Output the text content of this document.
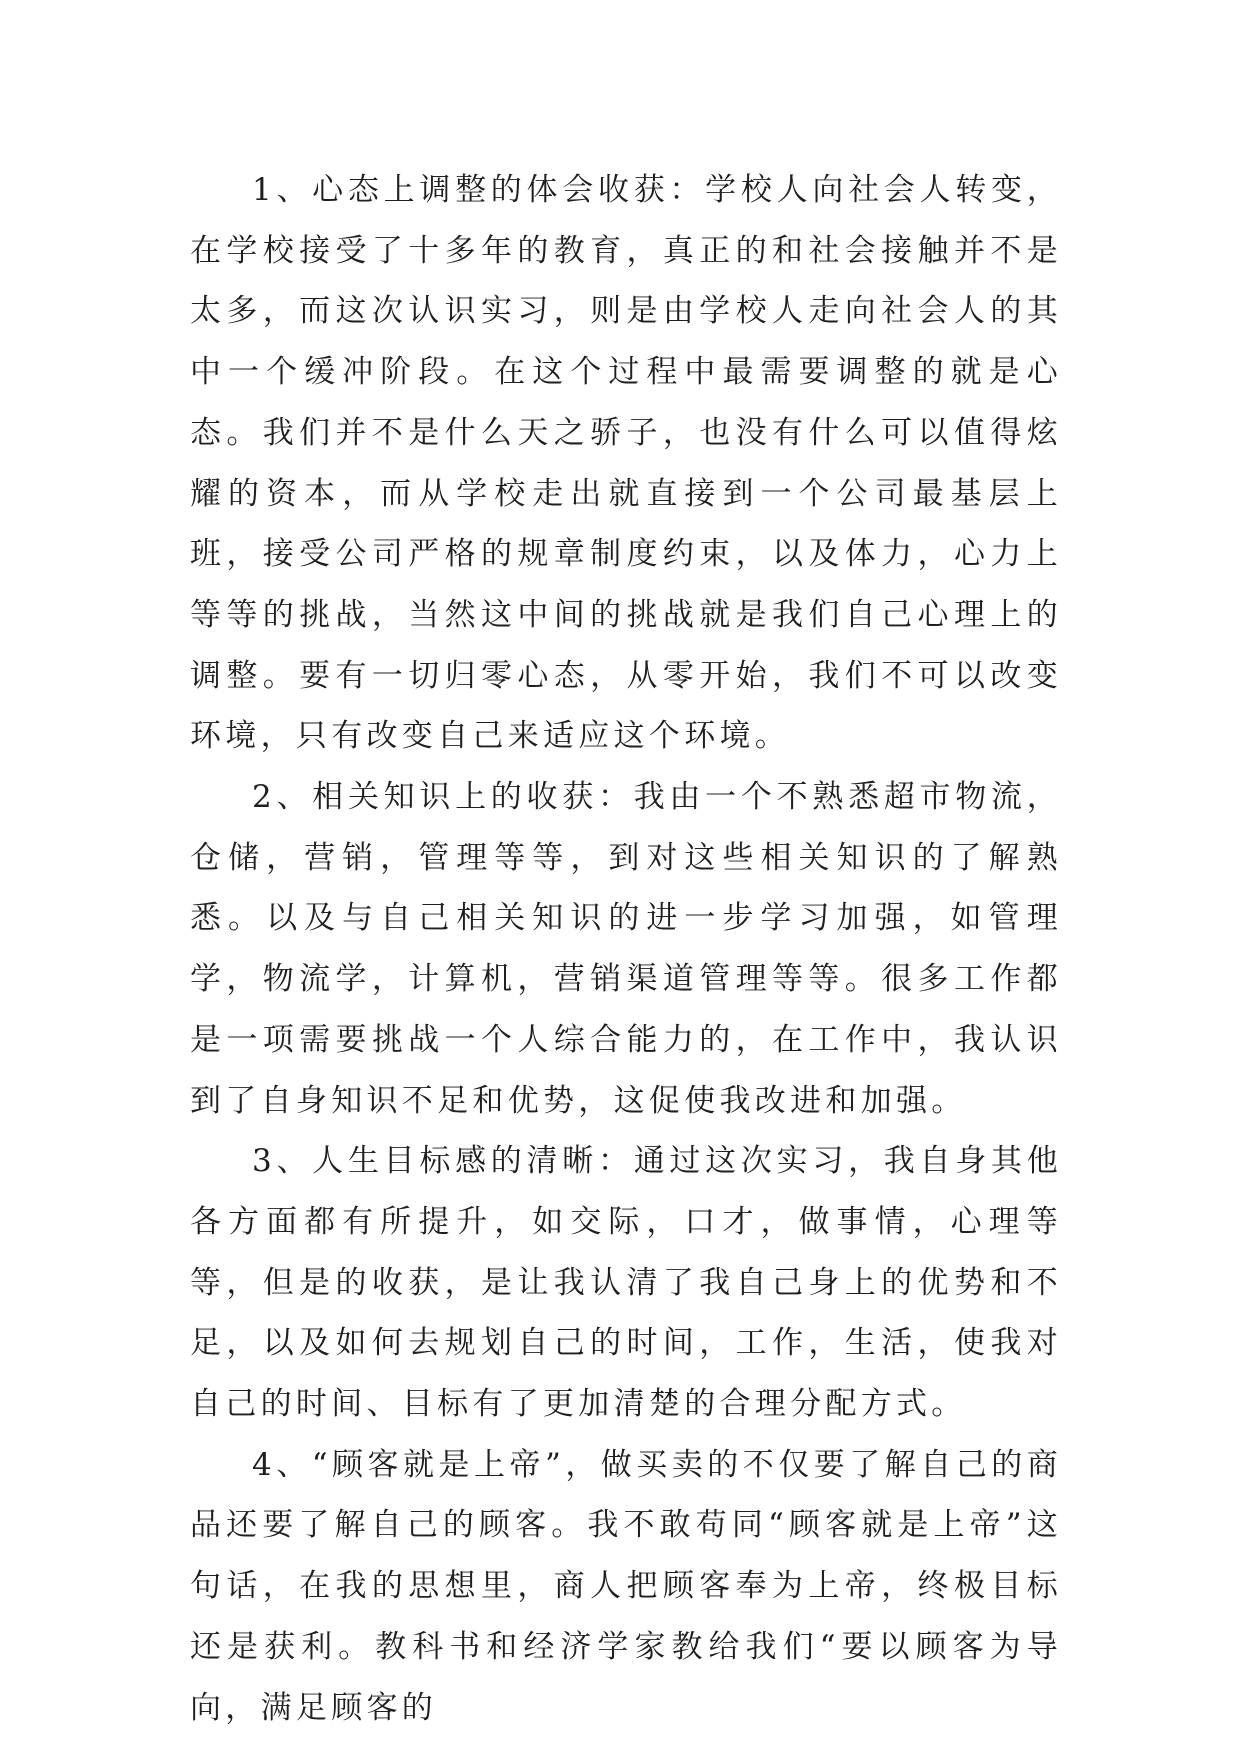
1、心态上调整的体会收获：学校人向社会人转变，在学校接受了十多年的教育，真正的和社会接触并不是太多，而这次认识实习，则是由学校人走向社会人的其中一个缓冲阶段。在这个过程中最需要调整的就是心态。我们并不是什么天之骄子，也没有什么可以值得炫耀的资本，而从学校走出就直接到一个公司最基层上班，接受公司严格的规章制度约束，以及体力，心力上等等的挑战，当然这中间的挑战就是我们自己心理上的调整。要有一切归零心态，从零开始，我们不可以改变环境，只有改变自己来适应这个环境。

2、相关知识上的收获：我由一个不熟悉超市物流，仓储，营销，管理等等，到对这些相关知识的了解熟悉。以及与自己相关知识的进一步学习加强，如管理学，物流学，计算机，营销渠道管理等等。很多工作都是一项需要挑战一个人综合能力的，在工作中，我认识到了自身知识不足和优势，这促使我改进和加强。

3、人生目标感的清晰：通过这次实习，我自身其他各方面都有所提升，如交际，口才，做事情，心理等等，但是的收获，是让我认清了我自己身上的优势和不足，以及如何去规划自己的时间，工作，生活，使我对自己的时间、目标有了更加清楚的合理分配方式。

4、“顾客就是上帝”，做买卖的不仅要了解自己的商品还要了解自己的顾客。我不敢苟同“顾客就是上帝”这句话，在我的思想里，商人把顾客奉为上帝，终极目标还是获利。教科书和经济学家教给我们“要以顾客为导向，满足顾客的
